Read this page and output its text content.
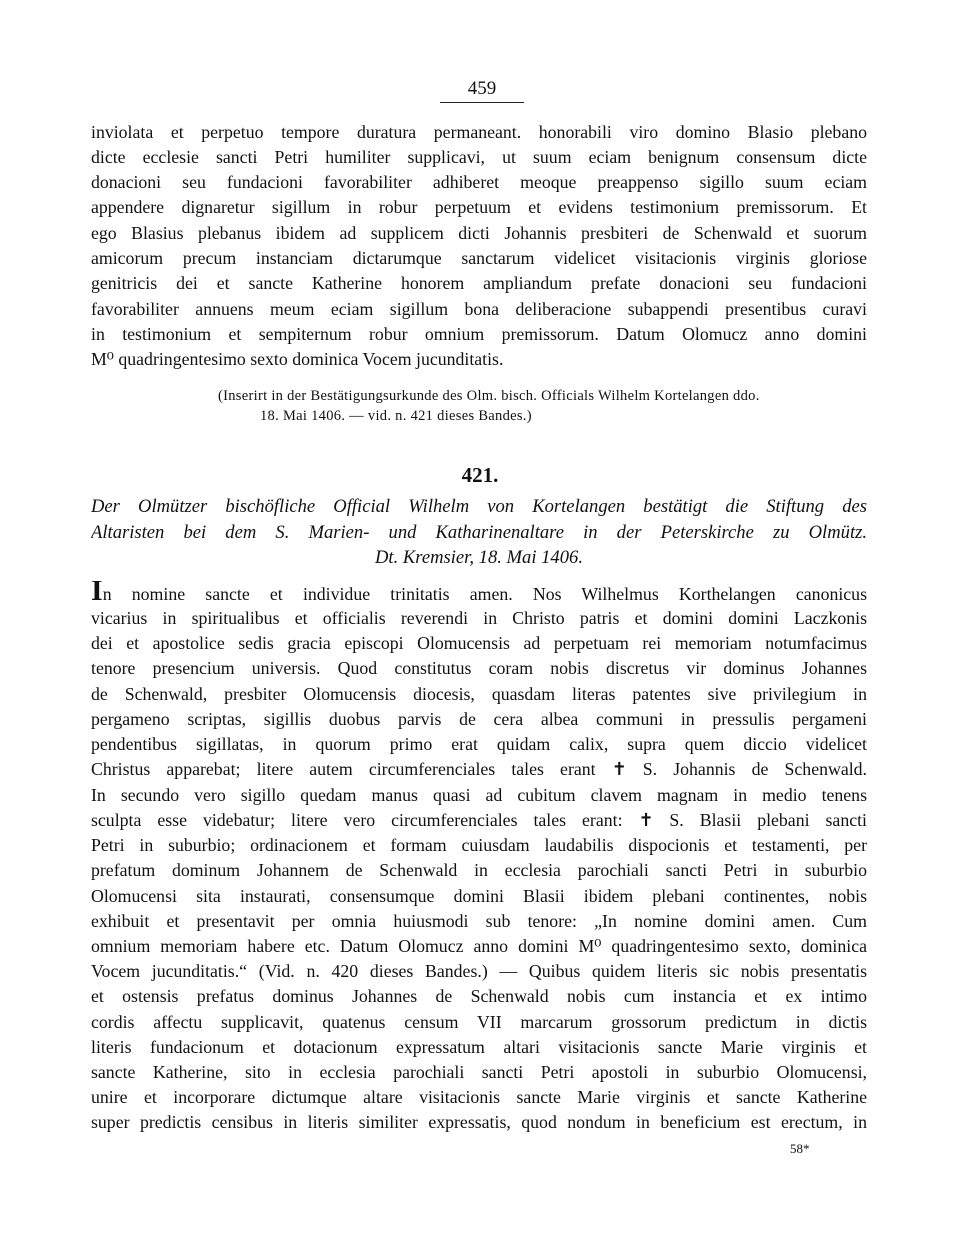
459
inviolata et perpetuo tempore duratura permaneant. honorabili viro domino Blasio plebano
dicte ecclesie sancti Petri humiliter supplicavi, ut suum eciam benignum consensum dicte
donacioni seu fundacioni favorabiliter adhiberet meoque preappenso sigillo suum eciam
appendere dignaretur sigillum in robur perpetuum et evidens testimonium premissorum. Et
ego Blasius plebanus ibidem ad supplicem dicti Johannis presbiteri de Schenwald et suorum
amicorum precum instanciam dictarumque sanctarum videlicet visitacionis virginis gloriose
genitricis dei et sancte Katherine honorem ampliandum prefate donacioni seu fundacioni
favorabiliter annuens meum eciam sigillum bona deliberacione subappendi presentibus curavi
in testimonium et sempiternum robur omnium premissorum. Datum Olomucz anno domini
M⁰ quadringentesimo sexto dominica Vocem jucunditatis.
(Inserirt in der Bestätigungsurkunde des Olm. bisch. Officials Wilhelm Kortelangen ddo.
18. Mai 1406. — vid. n. 421 dieses Bandes.)
421.
Der Olmützer bischöfliche Official Wilhelm von Kortelangen bestätigt die Stiftung des
Altaristen bei dem S. Marien- und Katharinenaltare in der Peterskirche zu Olmütz.
Dt. Kremsier, 18. Mai 1406.
In nomine sancte et individue trinitatis amen. Nos Wilhelmus Korthelangen canonicus
vicarius in spiritualibus et officialis reverendi in Christo patris et domini domini Laczkonis
dei et apostolice sedis gracia episcopi Olomucensis ad perpetuam rei memoriam notumfacimus
tenore presencium universis. Quod constitutus coram nobis discretus vir dominus Johannes
de Schenwald, presbiter Olomucensis diocesis, quasdam literas patentes sive privilegium in
pergameno scriptas, sigillis duobus parvis de cera albea communi in pressulis pergameni
pendentibus sigillatas, in quorum primo erat quidam calix, supra quem diccio videlicet
Christus apparebat; litere autem circumferenciales tales erant ✝ S. Johannis de Schenwald.
In secundo vero sigillo quedam manus quasi ad cubitum clavem magnam in medio tenens
sculpta esse videbatur; litere vero circumferenciales tales erant: ✝ S. Blasii plebani sancti
Petri in suburbio; ordinacionem et formam cuiusdam laudabilis dispocionis et testamenti, per
prefatum dominum Johannem de Schenwald in ecclesia parochiali sancti Petri in suburbio
Olomucensi sita instaurati, consensumque domini Blasii ibidem plebani continentes, nobis
exhibuit et presentavit per omnia huiusmodi sub tenore: „In nomine domini amen. Cum
omnium memoriam habere etc. Datum Olomucz anno domini M⁰ quadringentesimo sexto, dominica
Vocem jucunditatis.“ (Vid. n. 420 dieses Bandes.) — Quibus quidem literis sic nobis presentatis
et ostensis prefatus dominus Johannes de Schenwald nobis cum instancia et ex intimo
cordis affectu supplicavit, quatenus censum VII marcarum grossorum predictum in dictis
literis fundacionum et dotacionum expressatum altari visitacionis sancte Marie virginis et
sancte Katherine, sito in ecclesia parochiali sancti Petri apostoli in suburbio Olomucensi,
unire et incorporare dictumque altare visitacionis sancte Marie virginis et sancte Katherine
super predictis censibus in literis similiter expressatis, quod nondum in beneficium est erectum, in
58*
